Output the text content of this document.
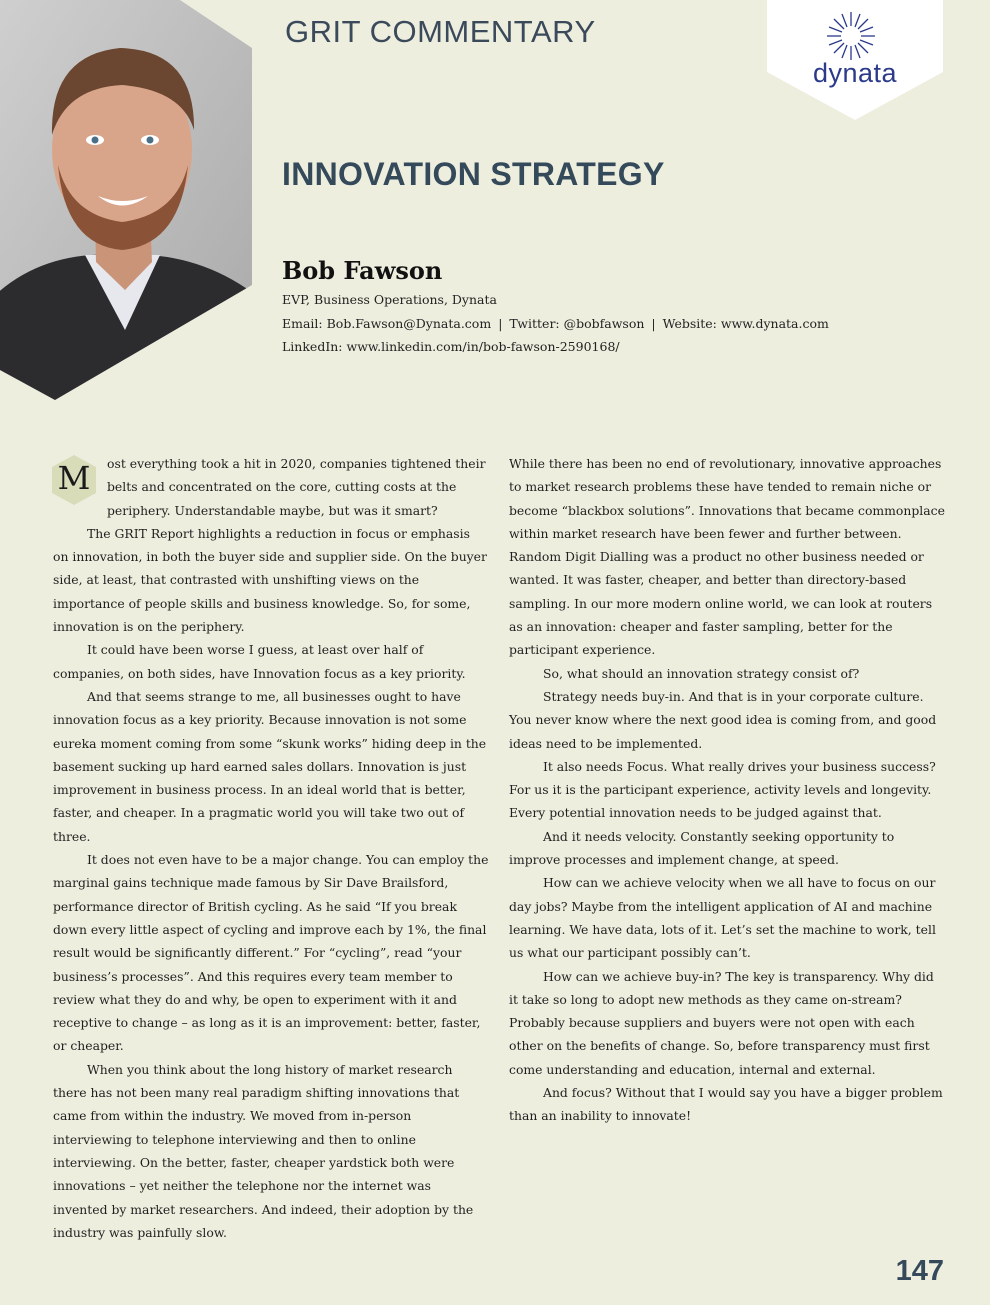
GRIT COMMENTARY
dynata
INNOVATION STRATEGY
Bob Fawson
EVP, Business Operations, Dynata
Email: Bob.Fawson@Dynata.com | Twitter: @bobfawson | Website: www.dynata.com
LinkedIn: www.linkedin.com/in/bob-fawson-2590168/

M	ost everything took a hit in 2020, companies tightened their belts and concentrated on the core, cutting costs at the periphery. Understandable maybe, but was it smart?

The GRIT Report highlights a reduction in focus or emphasis on innovation, in both the buyer side and supplier side. On the buyer side, at least, that contrasted with unshifting views on the importance of people skills and business knowledge. So, for some, innovation is on the periphery.

It could have been worse I guess, at least over half of companies, on both sides, have Innovation focus as a key priority.

And that seems strange to me, all businesses ought to have innovation focus as a key priority. Because innovation is not some eureka moment coming from some “skunk works” hiding deep in the basement sucking up hard earned sales dollars. Innovation is just improvement in business process. In an ideal world that is better, faster, and cheaper. In a pragmatic world you will take two out of three.

It does not even have to be a major change. You can employ the marginal gains technique made famous by Sir Dave Brailsford, performance director of British cycling. As he said “If you break down every little aspect of cycling and improve each by 1%, the final result would be significantly different.” For “cycling”, read “your business’s processes”. And this requires every team member to review what they do and why, be open to experiment with it and receptive to change – as long as it is an improvement: better, faster, or cheaper.

When you think about the long history of market research there has not been many real paradigm shifting innovations that came from within the industry. We moved from in-person interviewing to telephone interviewing and then to online interviewing. On the better, faster, cheaper yardstick both were innovations – yet neither the telephone nor the internet was invented by market researchers. And indeed, their adoption by the industry was painfully slow.

While there has been no end of revolutionary, innovative approaches to market research problems these have tended to remain niche or become “blackbox solutions”. Innovations that became commonplace within market research have been fewer and further between. Random Digit Dialling was a product no other business needed or wanted. It was faster, cheaper, and better than directory-based sampling. In our more modern online world, we can look at routers as an innovation: cheaper and faster sampling, better for the participant experience.

So, what should an innovation strategy consist of?

Strategy needs buy-in. And that is in your corporate culture. You never know where the next good idea is coming from, and good ideas need to be implemented.

It also needs Focus. What really drives your business success? For us it is the participant experience, activity levels and longevity. Every potential innovation needs to be judged against that.

And it needs velocity. Constantly seeking opportunity to improve processes and implement change, at speed.

How can we achieve velocity when we all have to focus on our day jobs? Maybe from the intelligent application of AI and machine learning. We have data, lots of it. Let’s set the machine to work, tell us what our participant possibly can’t.

How can we achieve buy-in? The key is transparency. Why did it take so long to adopt new methods as they came on-stream? Probably because suppliers and buyers were not open with each other on the benefits of change. So, before transparency must first come understanding and education, internal and external.

And focus? Without that I would say you have a bigger problem than an inability to innovate!

147
